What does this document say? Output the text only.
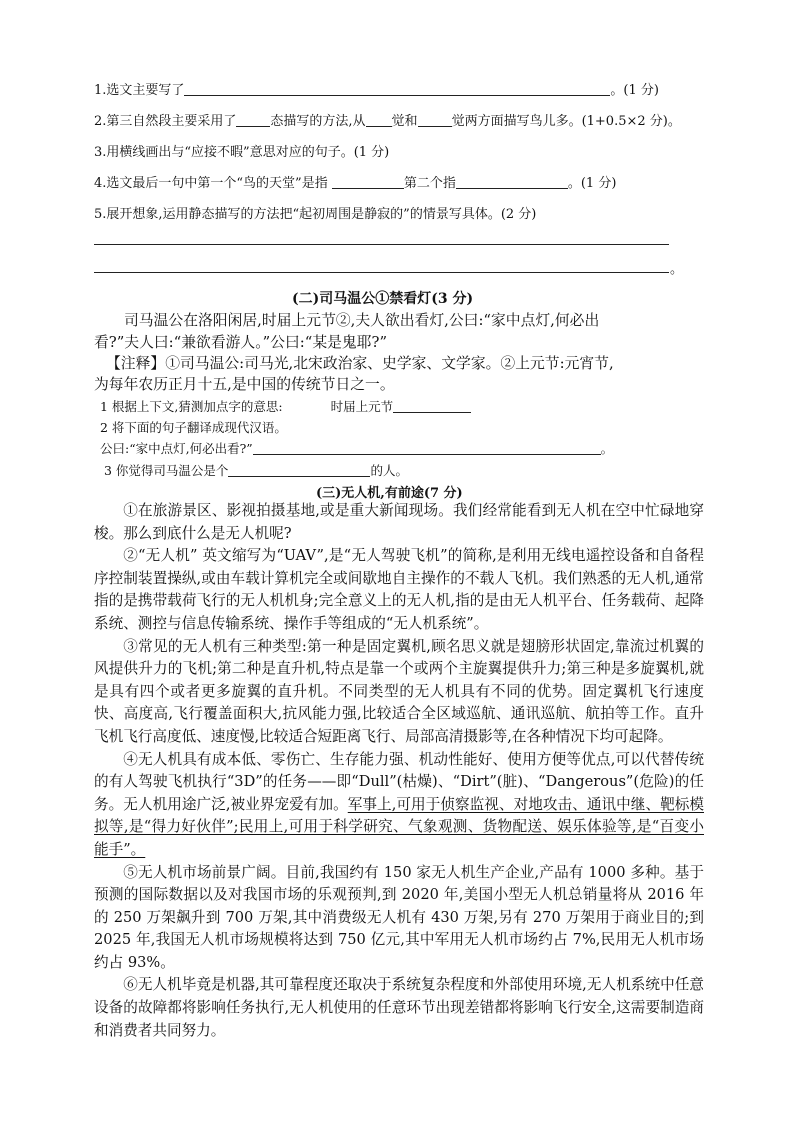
1.选文主要写了	。(1 分)
2.第三自然段主要采用了	态描写的方法,从 觉和	觉两方面描写鸟儿多。(1+0.5×2 分)。
3.用横线画出与“应接不暇”意思对应的句子。(1 分)
4.选文最后一句中第一个“鸟的天堂”是指	第二个指	。(1 分)
5.展开想象,运用静态描写的方法把“起初周围是静寂的”的情景写具体。(2 分)
。
(二)司马温公①禁看灯(3 分)
司马温公在洛阳闲居,时届上元节②,夫人欲出看灯,公曰:“家中点灯,何必出
看?”夫人曰:“兼欲看游人。”公曰:“某是鬼耶?”
【注释】①司马温公:司马光,北宋政治家、史学家、文学家。②上元节:元宵节,
为每年农历正月十五,是中国的传统节日之一。
1 根据上下文,猜测加点字的意思:	时届上元节
2 将下面的句子翻译成现代汉语。
公曰:“家中点灯,何必出看?”	。
3 你觉得司马温公是个	的人。
(三)无人机,有前途(7 分)

①在旅游景区、影视拍摄基地,或是重大新闻现场。我们经常能看到无人机在空中忙碌地穿梭。那么到底什么是无人机呢?

②“无人机” 英文缩写为“UAV”,是“无人驾驶飞机”的简称,是利用无线电遥控设备和自备程序控制装置操纵,或由车载计算机完全或间歇地自主操作的不载人飞机。我们熟悉的无人机,通常指的是携带载荷飞行的无人机机身;完全意义上的无人机,指的是由无人机平台、任务载荷、起降系统、测控与信息传输系统、操作手等组成的“无人机系统”。

③常见的无人机有三种类型:第一种是固定翼机,顾名思义就是翅膀形状固定,靠流过机翼的风提供升力的飞机;第二种是直升机,特点是靠一个或两个主旋翼提供升力;第三种是多旋翼机,就是具有四个或者更多旋翼的直升机。不同类型的无人机具有不同的优势。固定翼机飞行速度快、高度高,飞行覆盖面积大,抗风能力强,比较适合全区域巡航、通讯巡航、航拍等工作。直升飞机飞行高度低、速度慢,比较适合短距离飞行、局部高清摄影等,在各种情况下均可起降。

④无人机具有成本低、零伤亡、生存能力强、机动性能好、使用方便等优点,可以代替传统的有人驾驶飞机执行“3D”的任务——即“Dull”(枯燥)、“Dirt”(脏)、“Dangerous”(危险)的任务。无人机用途广泛,被业界宠爱有加。军事上,可用于侦察监视、对地攻击、通讯中继、靶标模拟等,是“得力好伙伴”;民用上,可用于科学研究、气象观测、货物配送、娱乐体验等,是“百变小能手”。

⑤无人机市场前景广阔。目前,我国约有 150 家无人机生产企业,产品有 1000 多种。基于预测的国际数据以及对我国市场的乐观预判,到 2020 年,美国小型无人机总销量将从 2016 年的 250 万架飙升到 700 万架,其中消费级无人机有 430 万架,另有 270 万架用于商业目的;到 2025 年,我国无人机市场规模将达到 750 亿元,其中军用无人机市场约占 7%,民用无人机市场约占 93%。

⑥无人机毕竟是机器,其可靠程度还取决于系统复杂程度和外部使用环境,无人机系统中任意设备的故障都将影响任务执行,无人机使用的任意环节出现差错都将影响飞行安全,这需要制造商和消费者共同努力。
